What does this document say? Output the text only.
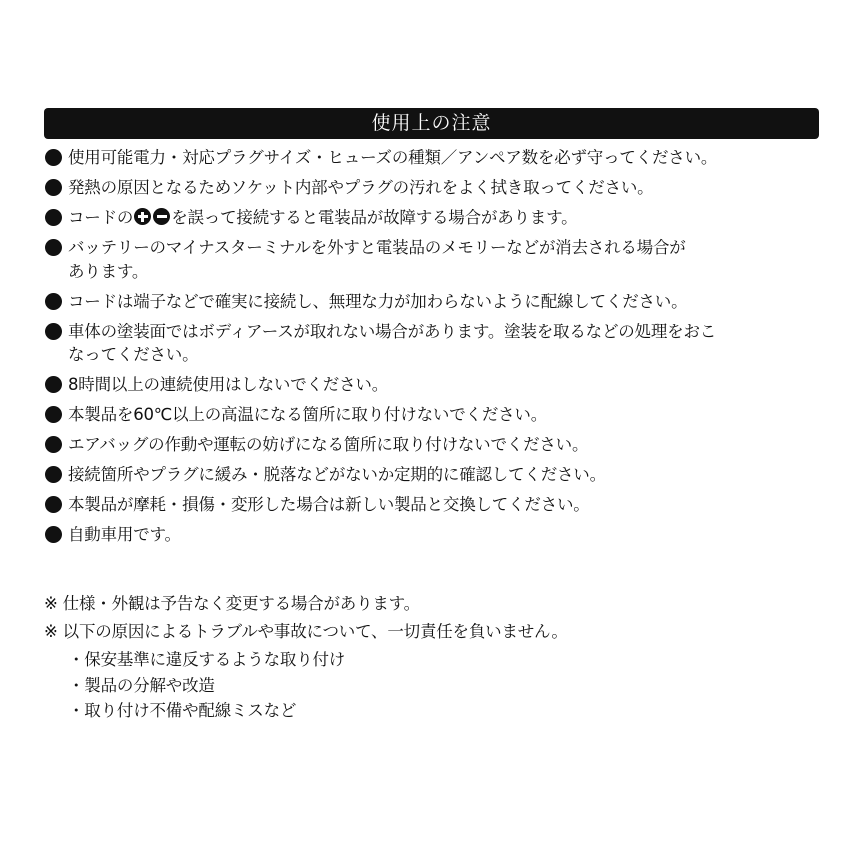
使用上の注意
使用可能電力・対応プラグサイズ・ヒューズの種類／アンペア数を必ず守ってください。
発熱の原因となるためソケット内部やプラグの汚れをよく拭き取ってください。
コードの を誤って接続すると電装品が故障する場合があります。
バッテリーのマイナスターミナルを外すと電装品のメモリーなどが消去される場合が
あります。
コードは端子などで確実に接続し、無理な力が加わらないように配線してください。
車体の塗装面ではボディアースが取れない場合があります。塗装を取るなどの処理をおこ
なってください。
8時間以上の連続使用はしないでください。
本製品を60℃以上の高温になる箇所に取り付けないでください。
エアバッグの作動や運転の妨げになる箇所に取り付けないでください。
接続箇所やプラグに緩み・脱落などがないか定期的に確認してください。
本製品が摩耗・損傷・変形した場合は新しい製品と交換してください。
自動車用です。
※ 仕様・外観は予告なく変更する場合があります。
※ 以下の原因によるトラブルや事故について、一切責任を負いません。
・保安基準に違反するような取り付け
・製品の分解や改造
・取り付け不備や配線ミスなど
